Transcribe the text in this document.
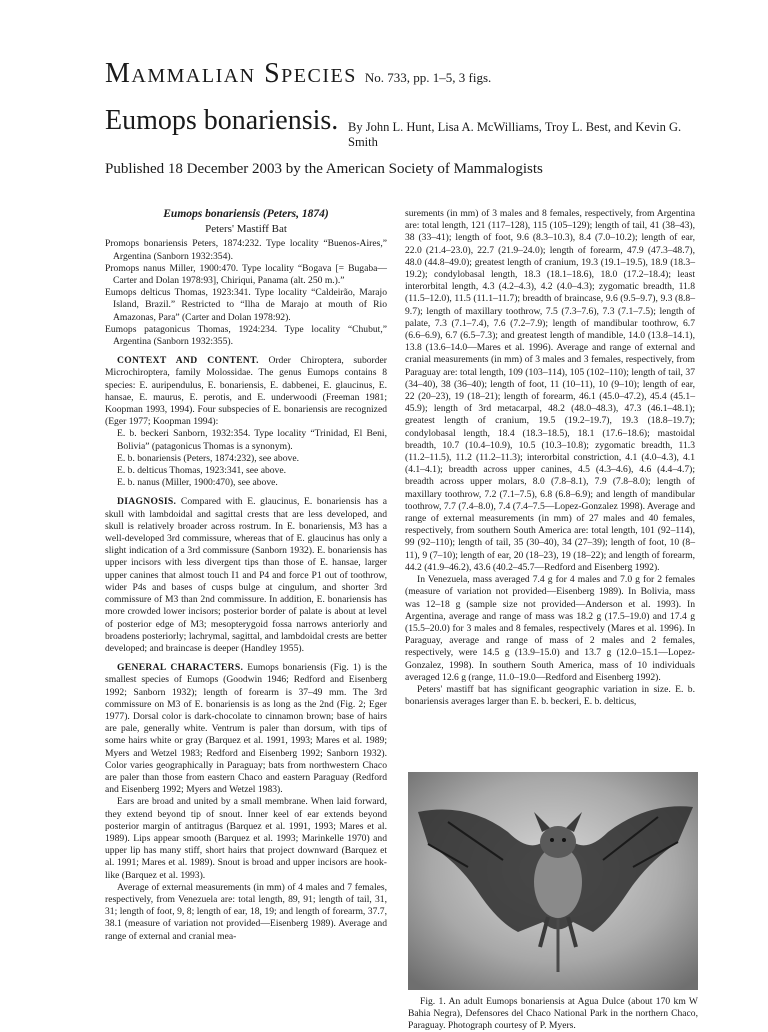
Mammalian Species No. 733, pp. 1–5, 3 figs.
Eumops bonariensis. By John L. Hunt, Lisa A. McWilliams, Troy L. Best, and Kevin G. Smith
Published 18 December 2003 by the American Society of Mammalogists

Eumops bonariensis (Peters, 1874)

Peters' Mastiff Bat

Promops bonariensis Peters, 1874:232. Type locality “Buenos-Aires,” Argentina (Sanborn 1932:354).

Promops nanus Miller, 1900:470. Type locality “Bogava [= Bugaba—Carter and Dolan 1978:93], Chiriqui, Panama (alt. 250 m.).”

Eumops delticus Thomas, 1923:341. Type locality “Caldeirão, Marajo Island, Brazil.” Restricted to “Ilha de Marajo at mouth of Rio Amazonas, Para” (Carter and Dolan 1978:92).

Eumops patagonicus Thomas, 1924:234. Type locality “Chubut,” Argentina (Sanborn 1932:355).

CONTEXT AND CONTENT. Order Chiroptera, suborder Microchiroptera, family Molossidae. The genus Eumops contains 8 species: E. auripendulus, E. bonariensis, E. dabbenei, E. glaucinus, E. hansae, E. maurus, E. perotis, and E. underwoodi (Freeman 1981; Koopman 1993, 1994). Four subspecies of E. bonariensis are recognized (Eger 1977; Koopman 1994):

E. b. beckeri Sanborn, 1932:354. Type locality “Trinidad, El Beni, Bolivia” (patagonicus Thomas is a synonym).

E. b. bonariensis (Peters, 1874:232), see above.

E. b. delticus Thomas, 1923:341, see above.

E. b. nanus (Miller, 1900:470), see above.

DIAGNOSIS. Compared with E. glaucinus, E. bonariensis has a skull with lambdoidal and sagittal crests that are less developed, and skull is relatively broader across rostrum. In E. bonariensis, M3 has a well-developed 3rd commissure, whereas that of E. glaucinus has only a slight indication of a 3rd commissure (Sanborn 1932). E. bonariensis has upper incisors with less divergent tips than those of E. hansae, larger upper canines that almost touch I1 and P4 and force P1 out of toothrow, wider P4s and bases of cusps bulge at cingulum, and shorter 3rd commissure of M3 than 2nd commissure. In addition, E. bonariensis has more crowded lower incisors; posterior border of palate is about at level of posterior edge of M3; mesopterygoid fossa narrows anteriorly and broadens posteriorly; lachrymal, sagittal, and lambdoidal crests are better developed; and braincase is deeper (Handley 1955).

GENERAL CHARACTERS. Eumops bonariensis (Fig. 1) is the smallest species of Eumops (Goodwin 1946; Redford and Eisenberg 1992; Sanborn 1932); length of forearm is 37–49 mm. The 3rd commissure on M3 of E. bonariensis is as long as the 2nd (Fig. 2; Eger 1977). Dorsal color is dark-chocolate to cinnamon brown; base of hairs are pale, generally white. Ventrum is paler than dorsum, with tips of some hairs white or gray (Barquez et al. 1991, 1993; Mares et al. 1989; Myers and Wetzel 1983; Redford and Eisenberg 1992; Sanborn 1932). Color varies geographically in Paraguay; bats from northwestern Chaco are paler than those from eastern Chaco and eastern Paraguay (Redford and Eisenberg 1992; Myers and Wetzel 1983).

Ears are broad and united by a small membrane. When laid forward, they extend beyond tip of snout. Inner keel of ear extends beyond posterior margin of antitragus (Barquez et al. 1991, 1993; Mares et al. 1989). Lips appear smooth (Barquez et al. 1993; Marinkelle 1970) and upper lip has many stiff, short hairs that project downward (Barquez et al. 1991; Mares et al. 1989). Snout is broad and upper incisors are hook-like (Barquez et al. 1993).

Average of external measurements (in mm) of 4 males and 7 females, respectively, from Venezuela are: total length, 89, 91; length of tail, 31, 31; length of foot, 9, 8; length of ear, 18, 19; and length of forearm, 37.7, 38.1 (measure of variation not provided—Eisenberg 1989). Average and range of external and cranial mea-

surements (in mm) of 3 males and 8 females, respectively, from Argentina are: total length, 121 (117–128), 115 (105–129); length of tail, 41 (38–43), 38 (33–41); length of foot, 9.6 (8.3–10.3), 8.4 (7.0–10.2); length of ear, 22.0 (21.4–23.0), 22.7 (21.9–24.0); length of forearm, 47.9 (47.3–48.7), 48.0 (44.8–49.0); greatest length of cranium, 19.3 (19.1–19.5), 18.9 (18.3–19.2); condylobasal length, 18.3 (18.1–18.6), 18.0 (17.2–18.4); least interorbital length, 4.3 (4.2–4.3), 4.2 (4.0–4.3); zygomatic breadth, 11.8 (11.5–12.0), 11.5 (11.1–11.7); breadth of braincase, 9.6 (9.5–9.7), 9.3 (8.8–9.7); length of maxillary toothrow, 7.5 (7.3–7.6), 7.3 (7.1–7.5); length of palate, 7.3 (7.1–7.4), 7.6 (7.2–7.9); length of mandibular toothrow, 6.7 (6.6–6.9), 6.7 (6.5–7.3); and greatest length of mandible, 14.0 (13.8–14.1), 13.8 (13.6–14.0—Mares et al. 1996). Average and range of external and cranial measurements (in mm) of 3 males and 3 females, respectively, from Paraguay are: total length, 109 (103–114), 105 (102–110); length of tail, 37 (34–40), 38 (36–40); length of foot, 11 (10–11), 10 (9–10); length of ear, 22 (20–23), 19 (18–21); length of forearm, 46.1 (45.0–47.2), 45.4 (45.1–45.9); length of 3rd metacarpal, 48.2 (48.0–48.3), 47.3 (46.1–48.1); greatest length of cranium, 19.5 (19.2–19.7), 19.3 (18.8–19.7); condylobasal length, 18.4 (18.3–18.5), 18.1 (17.6–18.6); mastoidal breadth, 10.7 (10.4–10.9), 10.5 (10.3–10.8); zygomatic breadth, 11.3 (11.2–11.5), 11.2 (11.2–11.3); interorbital constriction, 4.1 (4.0–4.3), 4.1 (4.1–4.1); breadth across upper canines, 4.5 (4.3–4.6), 4.6 (4.4–4.7); breadth across upper molars, 8.0 (7.8–8.1), 7.9 (7.8–8.0); length of maxillary toothrow, 7.2 (7.1–7.5), 6.8 (6.8–6.9); and length of mandibular toothrow, 7.7 (7.4–8.0), 7.4 (7.4–7.5—Lopez-Gonzalez 1998). Average and range of external measurements (in mm) of 27 males and 40 females, respectively, from southern South America are: total length, 101 (92–114), 99 (92–110); length of tail, 35 (30–40), 34 (27–39); length of foot, 10 (8–11), 9 (7–10); length of ear, 20 (18–23), 19 (18–22); and length of forearm, 44.2 (41.9–46.2), 43.6 (40.2–45.7—Redford and Eisenberg 1992).

In Venezuela, mass averaged 7.4 g for 4 males and 7.0 g for 2 females (measure of variation not provided—Eisenberg 1989). In Bolivia, mass was 12–18 g (sample size not provided—Anderson et al. 1993). In Argentina, average and range of mass was 18.2 g (17.5–19.0) and 17.4 g (15.5–20.0) for 3 males and 8 females, respectively (Mares et al. 1996). In Paraguay, average and range of mass of 2 males and 2 females, respectively, were 14.5 g (13.9–15.0) and 13.7 g (12.0–15.1—Lopez-Gonzalez, 1998). In southern South America, mass of 10 individuals averaged 12.6 g (range, 11.0–19.0—Redford and Eisenberg 1992).

Peters' mastiff bat has significant geographic variation in size. E. b. bonariensis averages larger than E. b. beckeri, E. b. delticus,

Fig. 1. An adult Eumops bonariensis at Agua Dulce (about 170 km W Bahia Negra), Defensores del Chaco National Park in the northern Chaco, Paraguay. Photograph courtesy of P. Myers.
